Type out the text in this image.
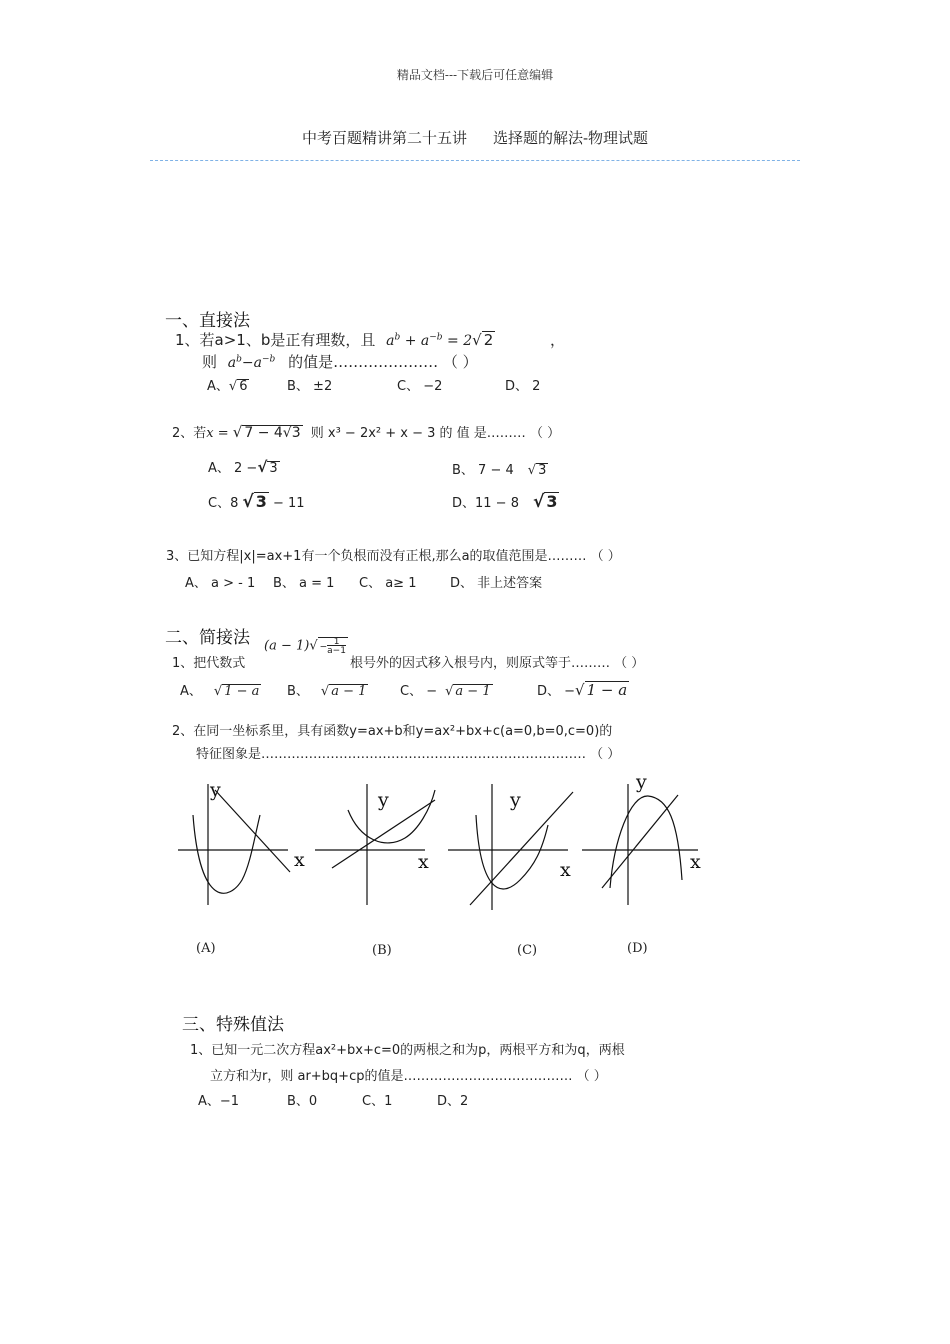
精品文档---下载后可任意编辑
中考百题精讲第二十五讲 选择题的解法-物理试题
一、直接法
1、若a>1、b是正有理数，且 $a^b + a^{-b} = 2√$ 2	，
则 $a^b-a^{-b}$ 的值是………………… （ ）
A、√ 6	B、 ±2	C、 −2	D、 2
2、若x = √ 7 − 4√3 则 x³ − 2x² + x − 3 的 值 是……… （ ）
A、 2 −√ 3	B、 7 − 4 √ 3
C、8 √ 3 − 11	D、11 − 8 √ 3
3、已知方程|x|=ax+1有一个负根而没有正根,那么a的取值范围是……… （ ）
A、 a > - 1 B、 a = 1 C、 a≥ 1	D、 非上述答案
二、简接法 $(a - 1)√ -\frac{1}{a-1}$
1、把代数式	根号外的因式移入根号内，则原式等于……… （ ）
A、 √ 1 − a B、 √ a − 1	C、 − √ a − 1	D、 −√ 1 − a
2、在同一坐标系里，具有函数y=ax+b和y=ax²+bx+c(a=0,b=0,c=0)的
特征图象是………………………………………………………………… （ ）
y
x
y
x
y
x
y
x
(A)	(B)	(C)	(D)
三、特殊值法
1、已知一元二次方程ax²+bx+c=0的两根之和为p，两根平方和为q，两根
立方和为r，则 ar+bq+cp的值是………………………………… （ ）
A、−1	B、0	C、1	D、2
